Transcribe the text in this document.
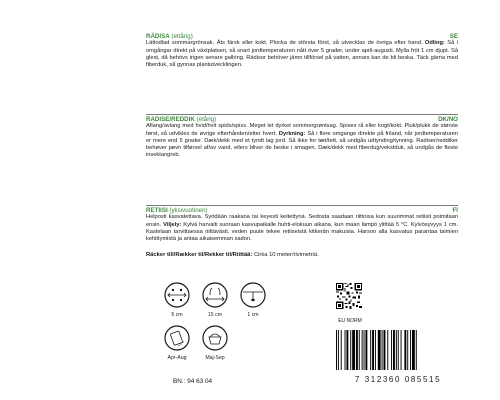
RÄDISA (ettårig)	SE

Lättodlad sommargrönsak. Äts färsk eller kokt. Plocka de största först, så utvecklas de övriga efter hand. Odling: Så i omgångar direkt på växtplatsen, så snart jordtemperaturen nått över 5 grader, under april-augusti. Mylla fröt 1 cm djupt. Så glest, då behövs ingen senare gallring. Rädisor behöver jämn tillförsel på vatten, annars kan de bli beska. Täck gärna med fiberduk, så gynnas plantutvecklingen.

RADISE/REDDIK (etårig)	DK/NO

Aflang/avlang med hvid/hvit spids/spiss. Meget let dyrket sommergrøntsag. Spises rå eller kogt/kokt. Pluk/plukk de største først, så udvikles de øvrige efterhånden/etter hvert. Dyrkning: Så i flere omgange direkte på friland, når jordtemperaturen er mere end 5 grader. Dæk/dekk med et tyndt lag jord. Så ikke for tæt/tett, så undgås udtynding/tynning. Radiser/reddiker behøver jævn tilførsel af/av vand, ellers bliver de beske i smagen. Dæk/dekk med fiberdug/vekstduk, så undgås de fleste insektangreb.

RETIISI (yksivuotinen)	FI

Helposti kasvatettava. Syödään raakana tai keyesti keitettynä. Sedosta saadaan riittoisa kun suurimmat retiisit poimitaan ensin. Viljely: Kylvä harvaiti suoraan kasvupaikalle huhti-elokuun aikana, kun maan lämpö ylittää 5 °C. Kylvösyvyys 1 cm. Kastelaan tarvittaessa riittävästi, veden puute tekee retiiseistä kitkerän makuisia. Harson alla kasvatus parantaa taimien kehittymistä ja antaa aikaisemman sadon.

Räcker till/Rækker til/Rekker til/Riittää: Cirka 10 meter/rivimetriä.
5 cm	15 cm	1 cm
Apr-Aug	Maj-Sep
EU NORM
7 312360 085515
BN.: 94 63 04
